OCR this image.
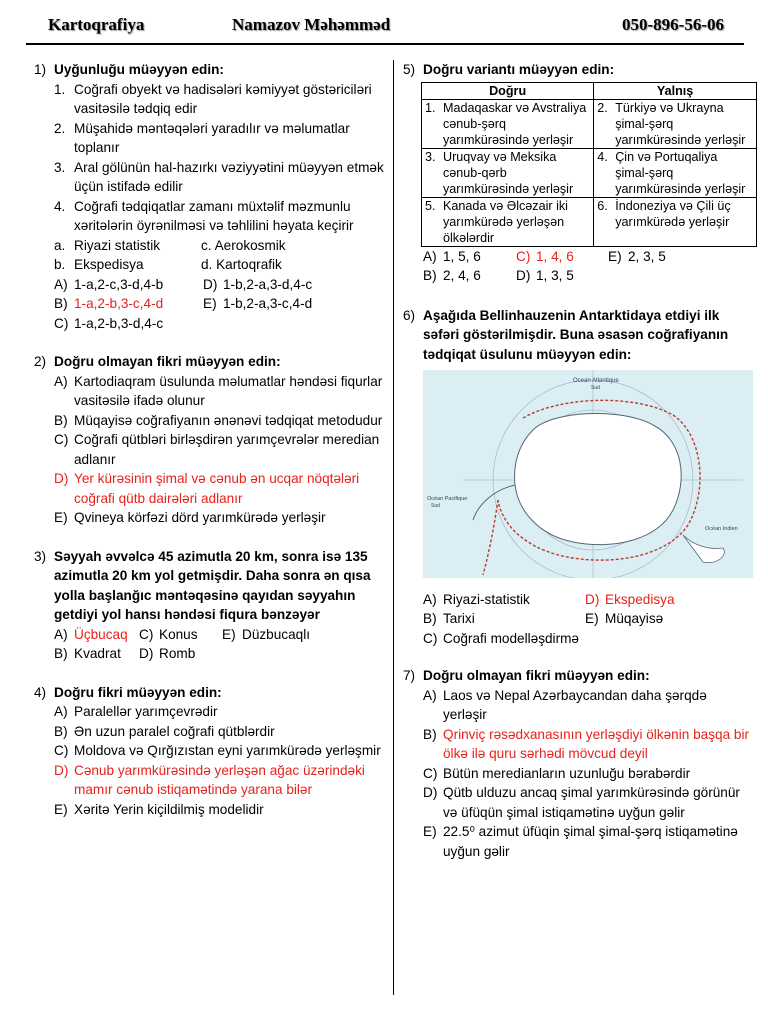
Kartoqrafiya	Namazov Məhəmməd	050-896-56-06
1) Uyğunluğu müəyyən edin:
1. Coğrafi obyekt və hadisələri kəmiyyət göstəriciləri vasitəsilə tədqiq edir
2. Müşahidə məntəqələri yaradılır və məlumatlar toplanır
3. Aral gölünün hal-hazırkı vəziyyətini müəyyən etmək üçün istifadə edilir
4. Coğrafi tədqiqatlar zamanı müxtəlif məzmunlu xəritələrin öyrənilməsi və təhlilini həyata keçirir
a. Riyazi statistik	c. Aerokosmik
b. Ekspedisya	d. Kartoqrafik
A) 1-a,2-c,3-d,4-b	D) 1-b,2-a,3-d,4-c
B) 1-a,2-b,3-c,4-d	E) 1-b,2-a,3-c,4-d
C) 1-a,2-b,3-d,4-c
2) Doğru olmayan fikri müəyyən edin:
A) Kartodiaqram üsulunda məlumatlar həndəsi fiqurlar vasitəsilə ifadə olunur
B) Müqayisə coğrafiyanın ənənəvi tədqiqat metodudur
C) Coğrafi qütbləri birləşdirən yarımçevrələr meredian adlanır
D) Yer kürəsinin şimal və cənub ən ucqar nöqtələri coğrafi qütb dairələri adlanır
E) Qvineya körfəzi dörd yarımkürədə yerləşir
3) Səyyah əvvəlcə 45 azimutla 20 km, sonra isə 135 azimutla 20 km yol getmişdir. Daha sonra ən qısa yolla başlanğıc məntəqəsinə qayıdan səyyahın getdiyi yol hansı həndəsi fiqura bənzəyər
A) Üçbucaq C) Konus	E) Düzbucaqlı
B) Kvadrat	D) Romb
4) Doğru fikri müəyyən edin:
A) Paralellər yarımçevrədir
B) Ən uzun paralel coğrafi qütblərdir
C) Moldova və Qırğızıstan eyni yarımkürədə yerləşmir
D) Cənub yarımkürəsində yerləşən ağac üzərindəki mamır cənub istiqamətində yarana bilər
E) Xəritə Yerin kiçildilmiş modelidir
5) Doğru variantı müəyyən edin:
Doğru	Yalnış

1. Madaqaskar və Avstraliya cənub-şərq yarımkürəsində yerləşir	2. Türkiyə və Ukrayna şimal-şərq yarımkürəsində yerləşir

3. Uruqvay və Meksika cənub-qərb yarımkürəsində yerləşir	4. Çin və Portuqaliya şimal-şərq yarımkürəsində yerləşir

5. Kanada və Əlcəzair iki yarımkürədə yerləşən ölkələrdir	6. İndoneziya və Çili üç yarımkürədə yerləşir
A) 1, 5, 6	C) 1, 4, 6	E) 2, 3, 5
B) 2, 4, 6	D) 1, 3, 5
6) Aşağıda Bellinhauzenin Antarktidaya etdiyi ilk səfəri göstərilmişdir. Buna əsasən coğrafiyanın tədqiqat üsulunu müəyyən edin:
Ocean Atlantique
Sud
Océan Pacifique
Sud
Océan Indien
A) Riyazi-statistik	D) Ekspedisya
B) Tarixi	E) Müqayisə
C) Coğrafi modelləşdirmə
7) Doğru olmayan fikri müəyyən edin:
A) Laos və Nepal Azərbaycandan daha şərqdə yerləşir
B) Qrinviç rəsədxanasının yerləşdiyi ölkənin başqa bir ölkə ilə quru sərhədi mövcud deyil
C) Bütün meredianların uzunluğu bərabərdir
D) Qütb ulduzu ancaq şimal yarımkürəsində görünür və üfüqün şimal istiqamətinə uyğun gəlir
E) 22.5⁰ azimut üfüqin şimal şimal-şərq istiqamətinə uyğun gəlir
